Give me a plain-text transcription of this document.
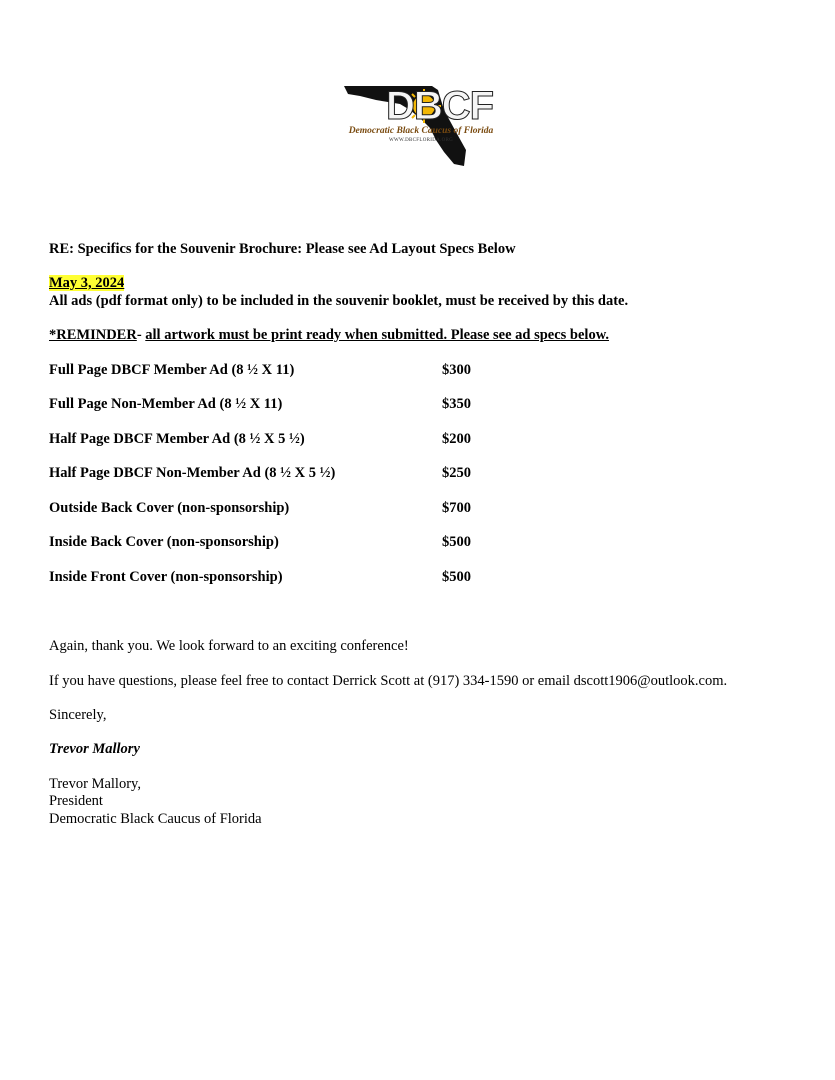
DBCF
Democratic Black Caucus of Florida
WWW.DBCFLORIDA.ORG
RE: Specifics for the Souvenir Brochure: Please see Ad Layout Specs Below
May 3, 2024
All ads (pdf format only) to be included in the souvenir booklet, must be received by this date.
*REMINDER- all artwork must be print ready when submitted. Please see ad specs below.
Full Page DBCF Member Ad (8 ½ X 11)	$300
Full Page Non-Member Ad (8 ½ X 11)	$350
Half Page DBCF Member Ad (8 ½ X 5 ½)	$200
Half Page DBCF Non-Member Ad (8 ½ X 5 ½)	$250
Outside Back Cover (non-sponsorship)	$700
Inside Back Cover (non-sponsorship)	$500
Inside Front Cover (non-sponsorship)	$500
Again, thank you. We look forward to an exciting conference!
If you have questions, please feel free to contact Derrick Scott at (917) 334-1590 or email dscott1906@outlook.com.
Sincerely,
Trevor Mallory
Trevor Mallory,
President
Democratic Black Caucus of Florida
